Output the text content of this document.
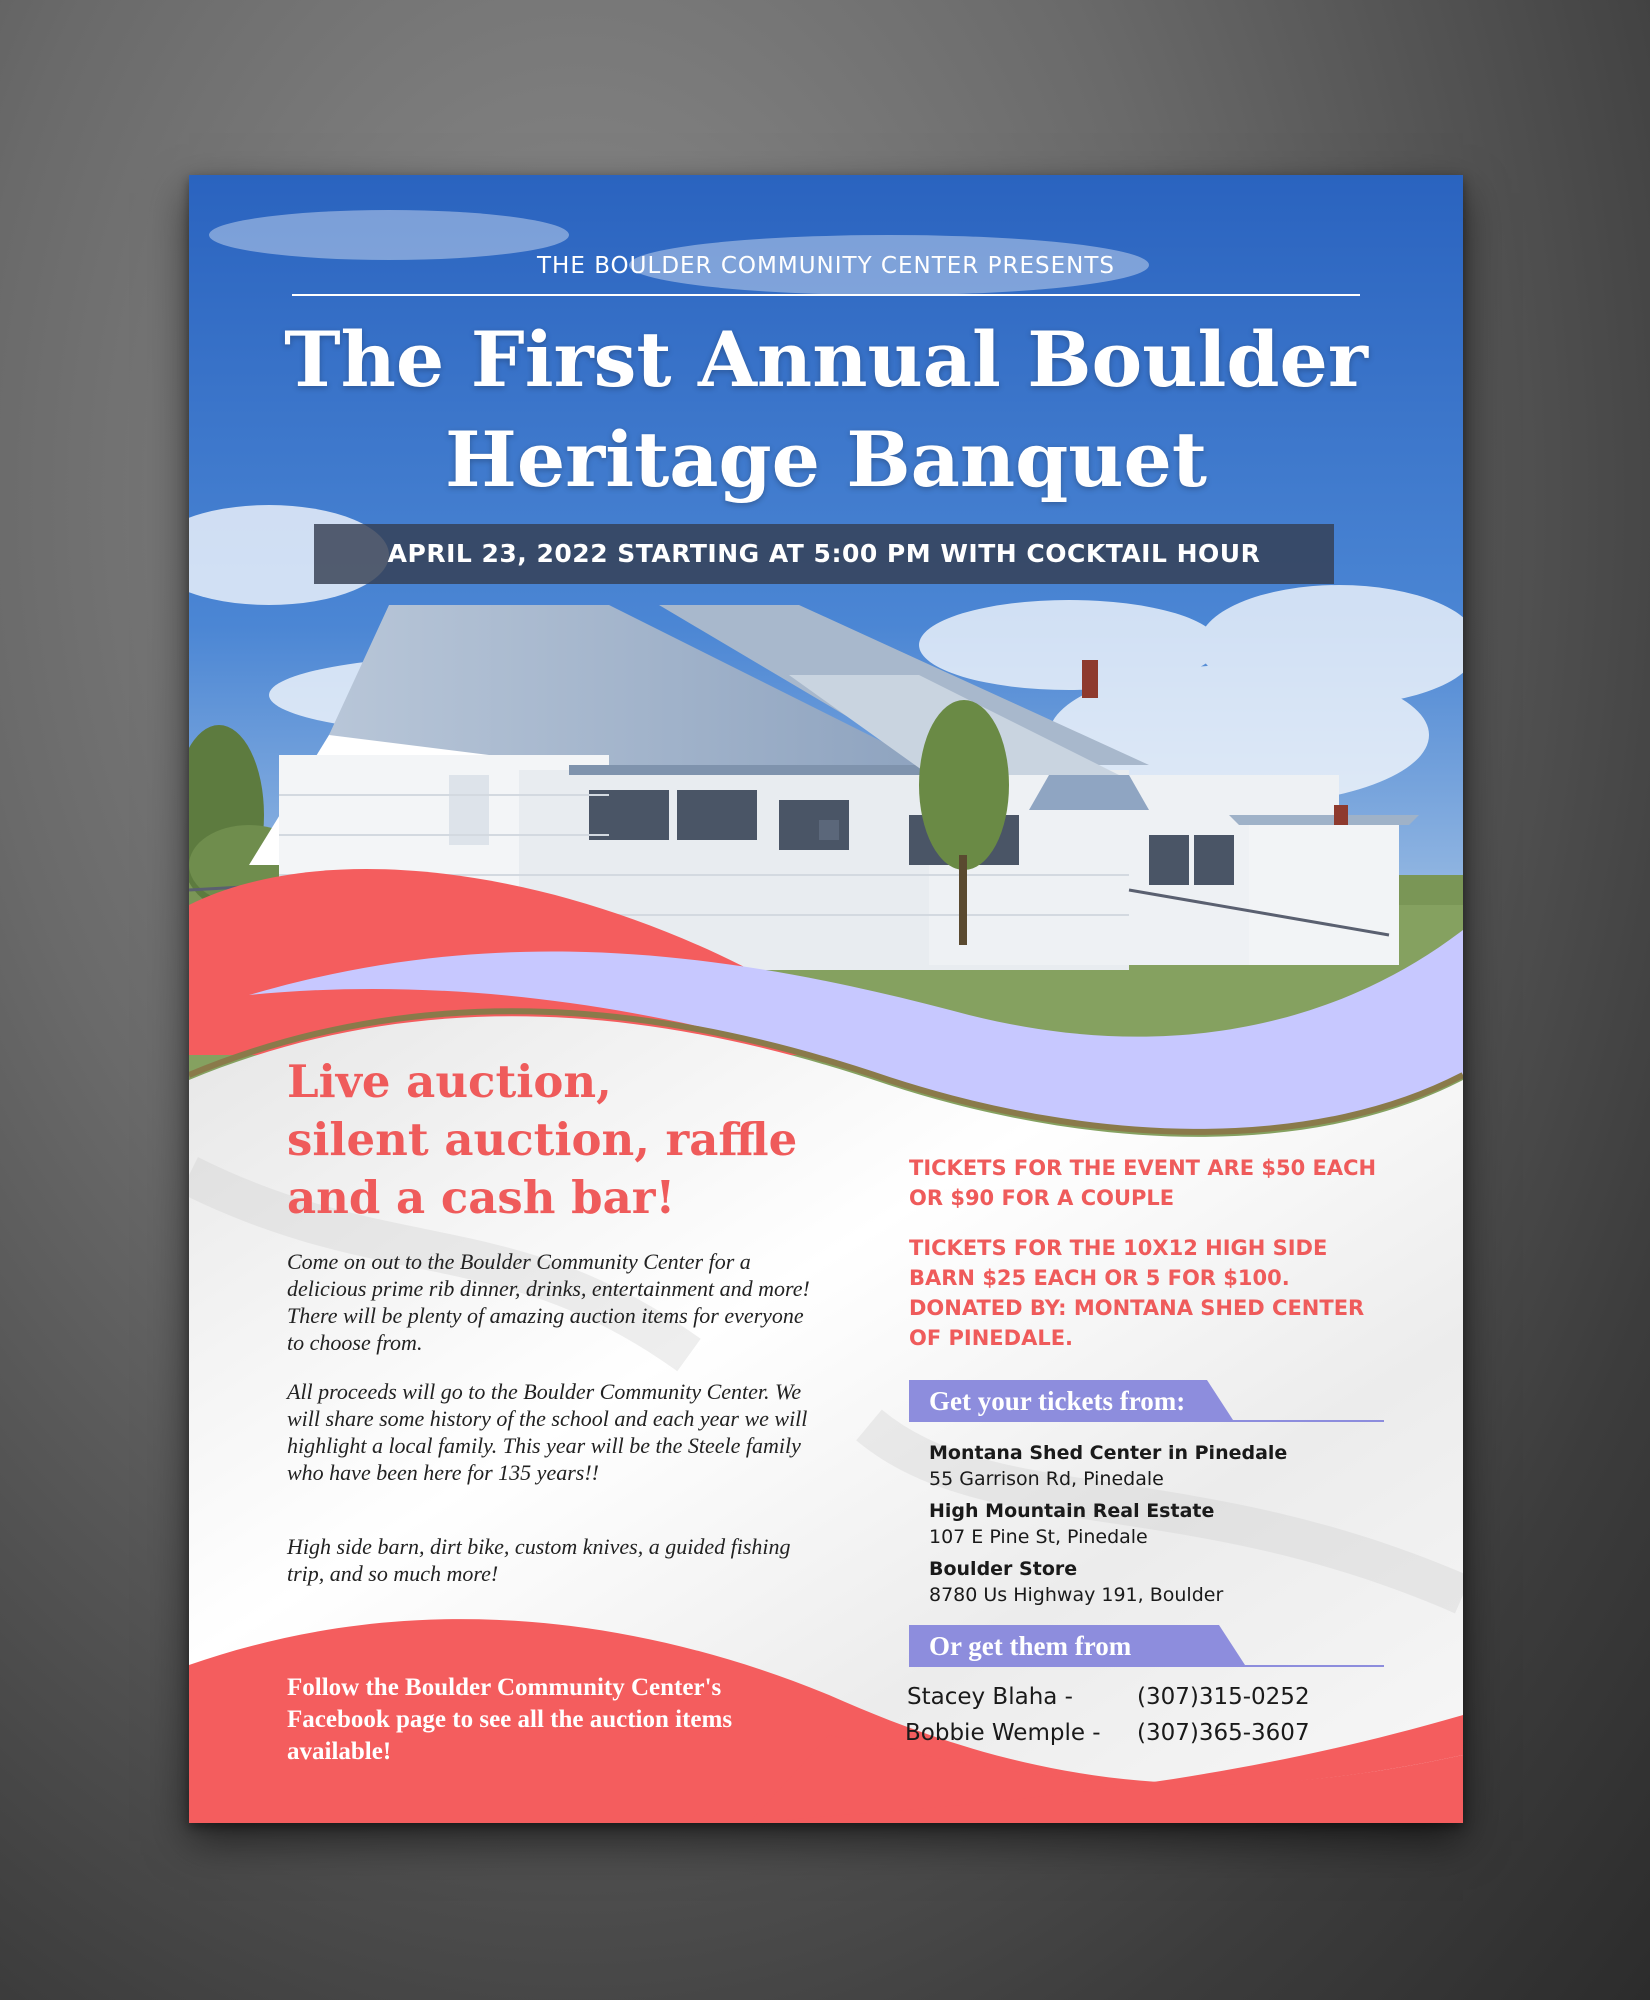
THE BOULDER COMMUNITY CENTER PRESENTS
The First Annual Boulder
Heritage Banquet
APRIL 23, 2022 STARTING AT 5:00 PM WITH COCKTAIL HOUR
Live auction,
silent auction, raffle
and a cash bar!
Come on out to the Boulder Community Center for a delicious prime rib dinner, drinks, entertainment and more! There will be plenty of amazing auction items for everyone to choose from.
All proceeds will go to the Boulder Community Center. We will share some history of the school and each year we will highlight a local family. This year will be the Steele family who have been here for 135 years!!
High side barn, dirt bike, custom knives, a guided fishing trip, and so much more!
Follow the Boulder Community Center's Facebook page to see all the auction items available!
TICKETS FOR THE EVENT ARE $50 EACH OR $90 FOR A COUPLE
TICKETS FOR THE 10X12 HIGH SIDE BARN $25 EACH OR 5 FOR $100. DONATED BY: MONTANA SHED CENTER OF PINEDALE.
Get your tickets from:
Montana Shed Center in Pinedale
55 Garrison Rd, Pinedale
High Mountain Real Estate
107 E Pine St, Pinedale
Boulder Store
8780 Us Highway 191, Boulder
Or get them from
Stacey Blaha -	(307)315-0252
Bobbie Wemple - (307)365-3607
